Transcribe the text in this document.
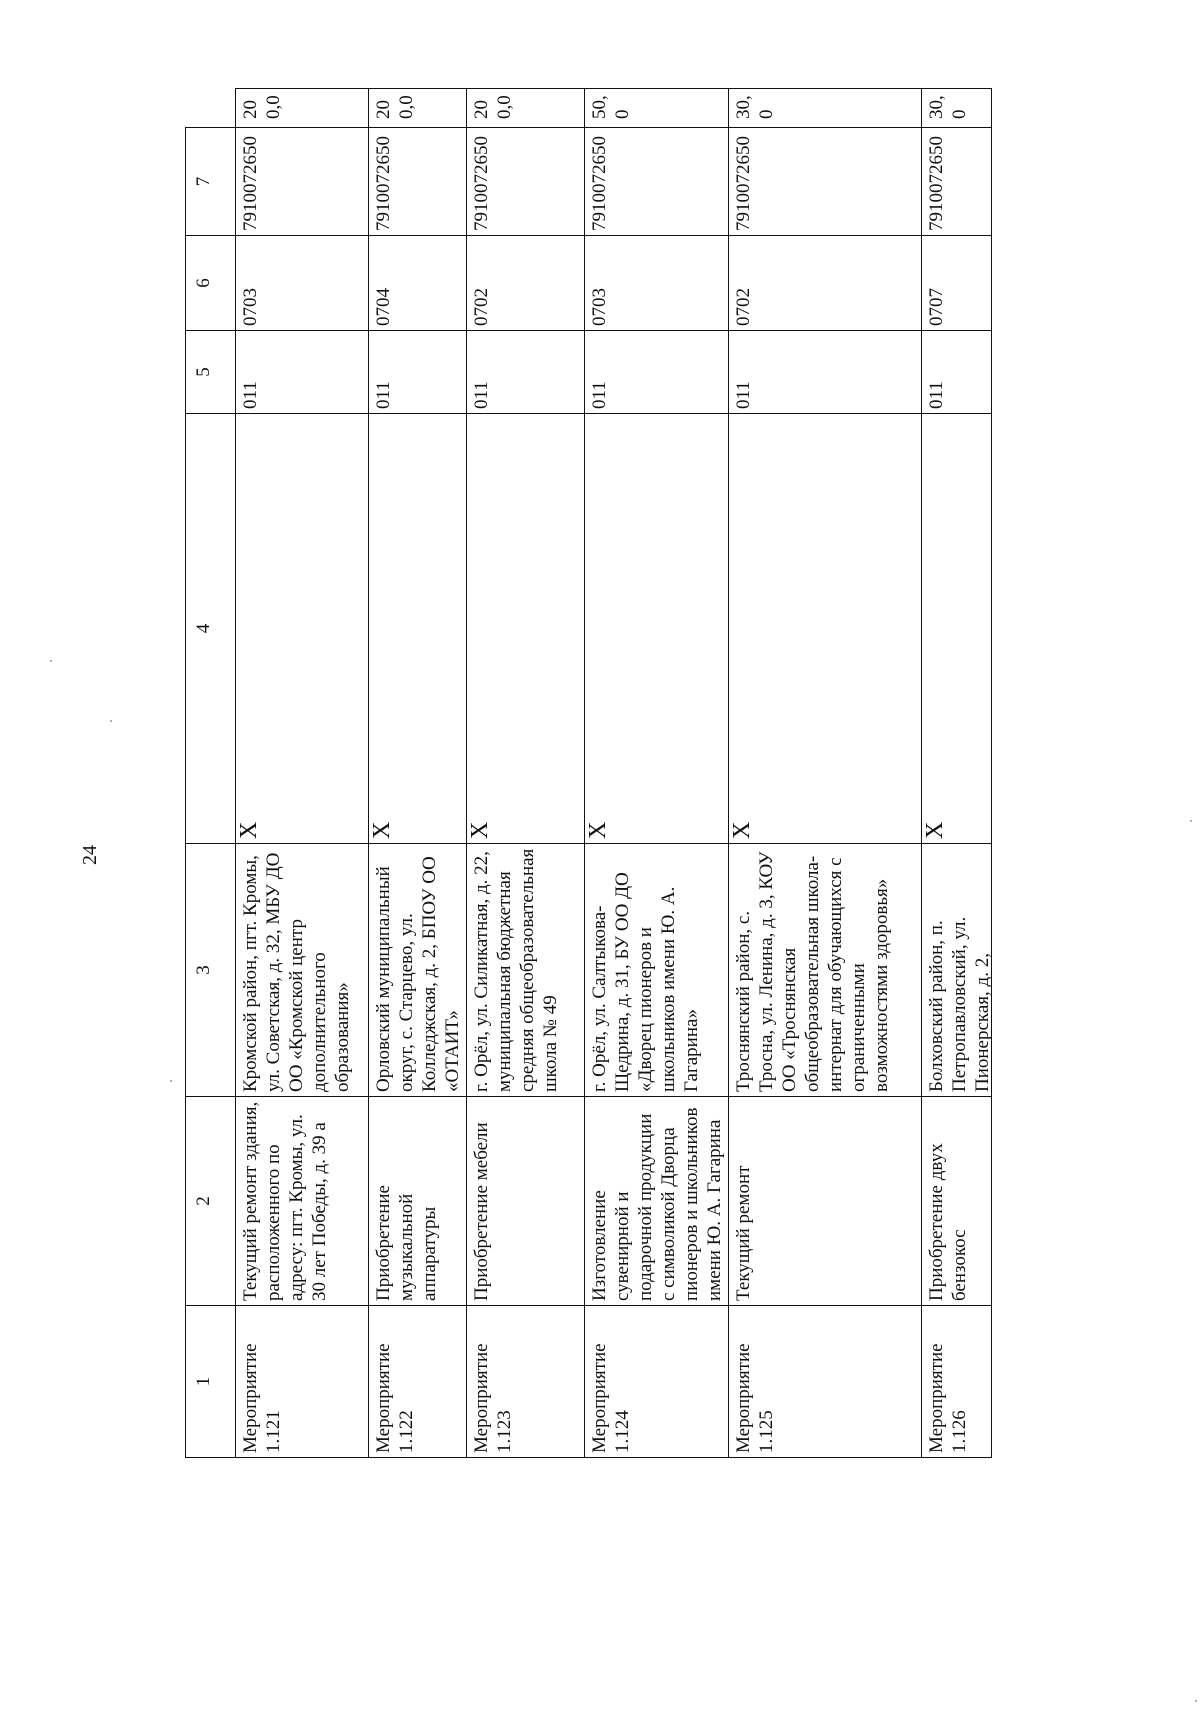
24
1	2	3	4	5	6	7	
Мероприятие 1.121	Текущий ремонт здания, расположенного по адресу: пгт. Кромы, ул. 30 лет Победы, д. 39 а	Кромской район, пгт. Кромы, ул. Советская, д. 32, МБУ ДО ОО «Кромской центр дополнительного образования»	X	011	0703	7910072650	200,0
Мероприятие 1.122	Приобретение музыкальной аппаратуры	Орловский муниципальный округ, с. Старцево, ул. Колледжская, д. 2, БПОУ ОО «ОТАИТ»	X	011	0704	7910072650	200,0
Мероприятие 1.123	Приобретение мебели	г. Орёл, ул. Силикатная, д. 22, муниципальная бюджетная средняя общеобразовательная школа № 49	X	011	0702	7910072650	200,0
Мероприятие 1.124	Изготовление сувенирной и подарочной продукции с символикой Дворца пионеров и школьников имени Ю. А. Гагарина	г. Орёл, ул. Салтыкова-Щедрина, д. 31, БУ ОО ДО «Дворец пионеров и школьников имени Ю. А. Гагарина»	X	011	0703	7910072650	50,0
Мероприятие 1.125	Текущий ремонт	Троснянский район, с. Тросна, ул. Ленина, д. 3, КОУ ОО «Троснянская общеобразовательная школа-интернат для обучающихся с ограниченными возможностями здоровья»	X	011	0702	7910072650	30,0
Мероприятие 1.126	Приобретение двух бензокос	Болховский район, п. Петропавловский, ул. Пионерская, д. 2,	X	011	0707	7910072650	30,0
